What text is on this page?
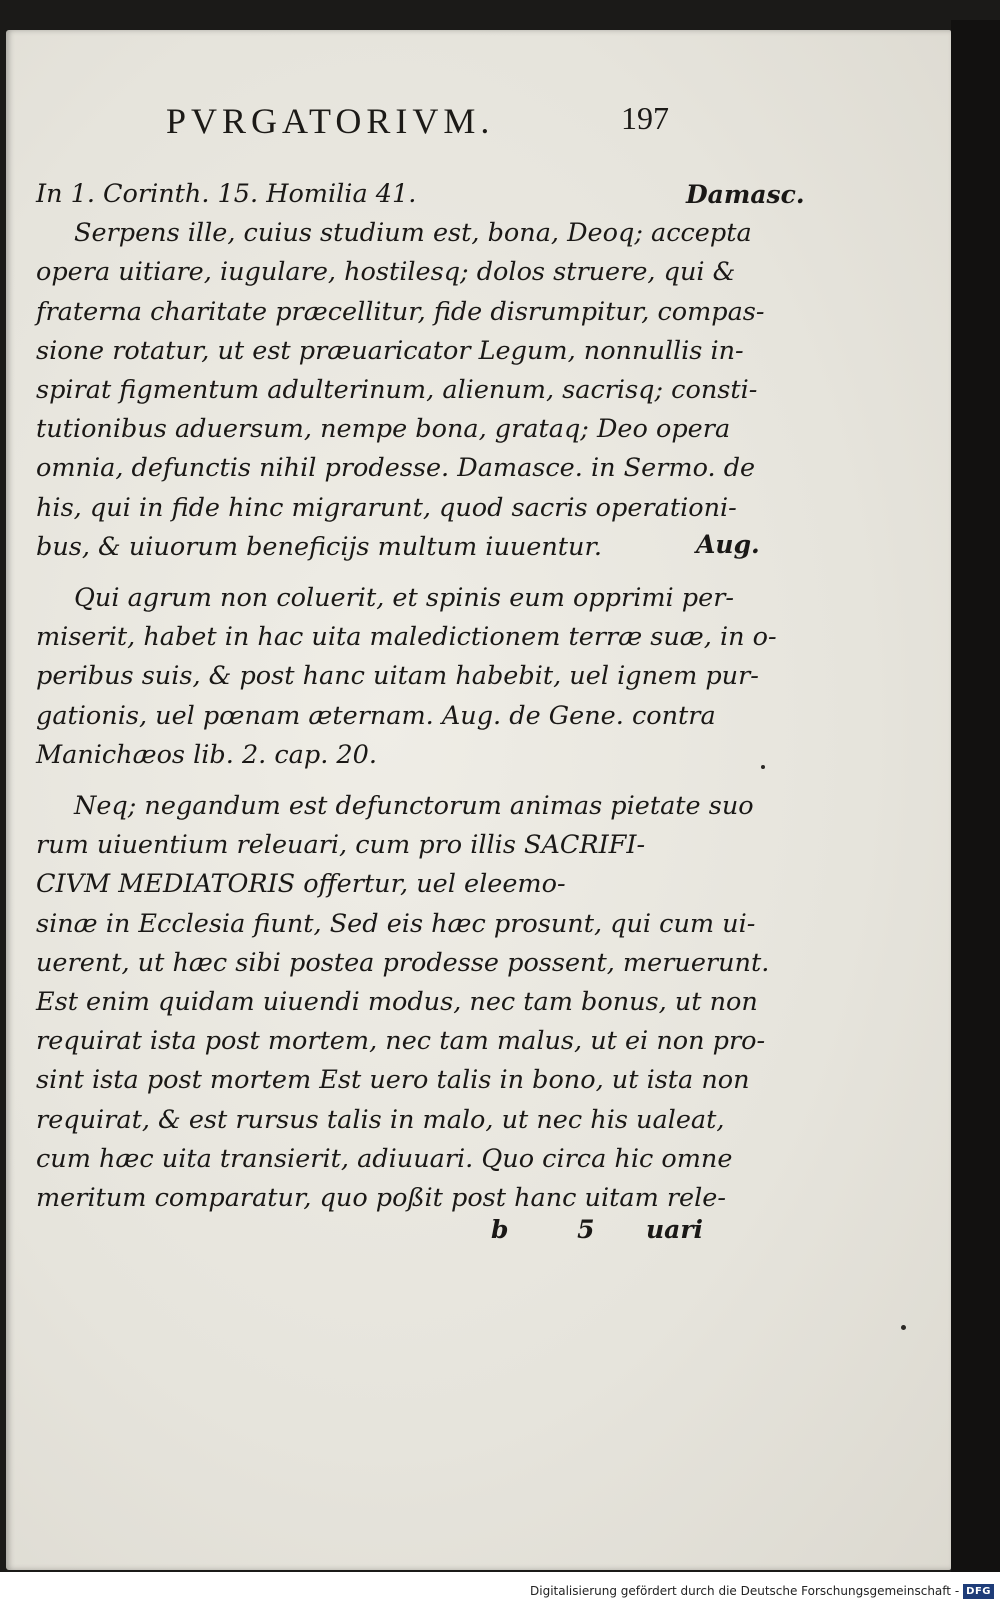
PVRGATORIVM.	197
In 1. Corinth. 15. Homilia 41.
Serpens ille, cuius studium est, bona, Deoq; accepta
opera uitiare, iugulare, hostilesq; dolos struere, qui &
fraterna charitate præcellitur, fide disrumpitur, compas-
sione rotatur, ut est præuaricator Legum, nonnullis in-
spirat figmentum adulterinum, alienum, sacrisq; consti-
tutionibus aduersum, nempe bona, grataq; Deo opera
omnia, defunctis nihil prodesse. Damasce. in Sermo. de
his, qui in fide hinc migrarunt, quod sacris operationi-
bus, & uiuorum beneficijs multum iuuentur.
Qui agrum non coluerit, et spinis eum opprimi per-
miserit, habet in hac uita maledictionem terræ suæ, in o-
peribus suis, & post hanc uitam habebit, uel ignem pur-
gationis, uel pœnam æternam. Aug. de Gene. contra
Manichæos lib. 2. cap. 20.
Neq; negandum est defunctorum animas pietate suo
rum uiuentium releuari, cum pro illis SACRIFI-
CIVM MEDIATORIS offertur, uel eleemo-
sinæ in Ecclesia fiunt, Sed eis hæc prosunt, qui cum ui-
uerent, ut hæc sibi postea prodesse possent, meruerunt.
Est enim quidam uiuendi modus, nec tam bonus, ut non
requirat ista post mortem, nec tam malus, ut ei non pro-
sint ista post mortem Est uero talis in bono, ut ista non
requirat, & est rursus talis in malo, ut nec his ualeat,
cum hæc uita transierit, adiuuari. Quo circa hic omne
meritum comparatur, quo poßit post hanc uitam rele-
Damasc.
Aug.
b 5 uari
Digitalisierung gefördert durch die Deutsche Forschungsgemeinschaft - DFG
